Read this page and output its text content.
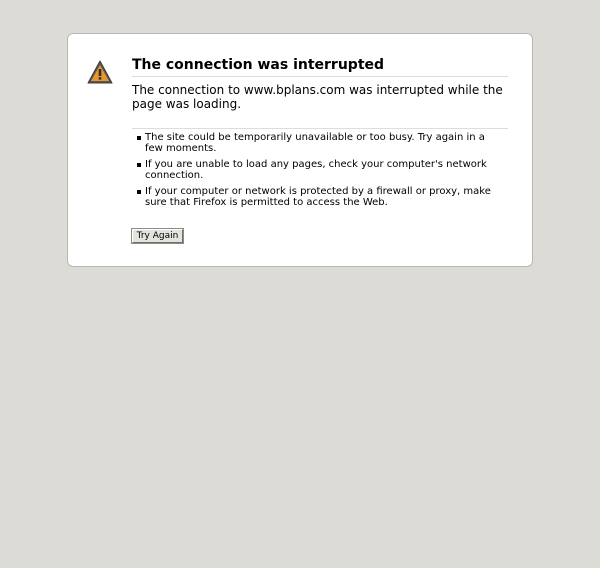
The connection was interrupted

The connection to www.bplans.com was interrupted while the page was loading.

The site could be temporarily unavailable or too busy. Try again in a few moments.
If you are unable to load any pages, check your computer's network connection.
If your computer or network is protected by a firewall or proxy, make sure that Firefox is permitted to access the Web.
Try Again
